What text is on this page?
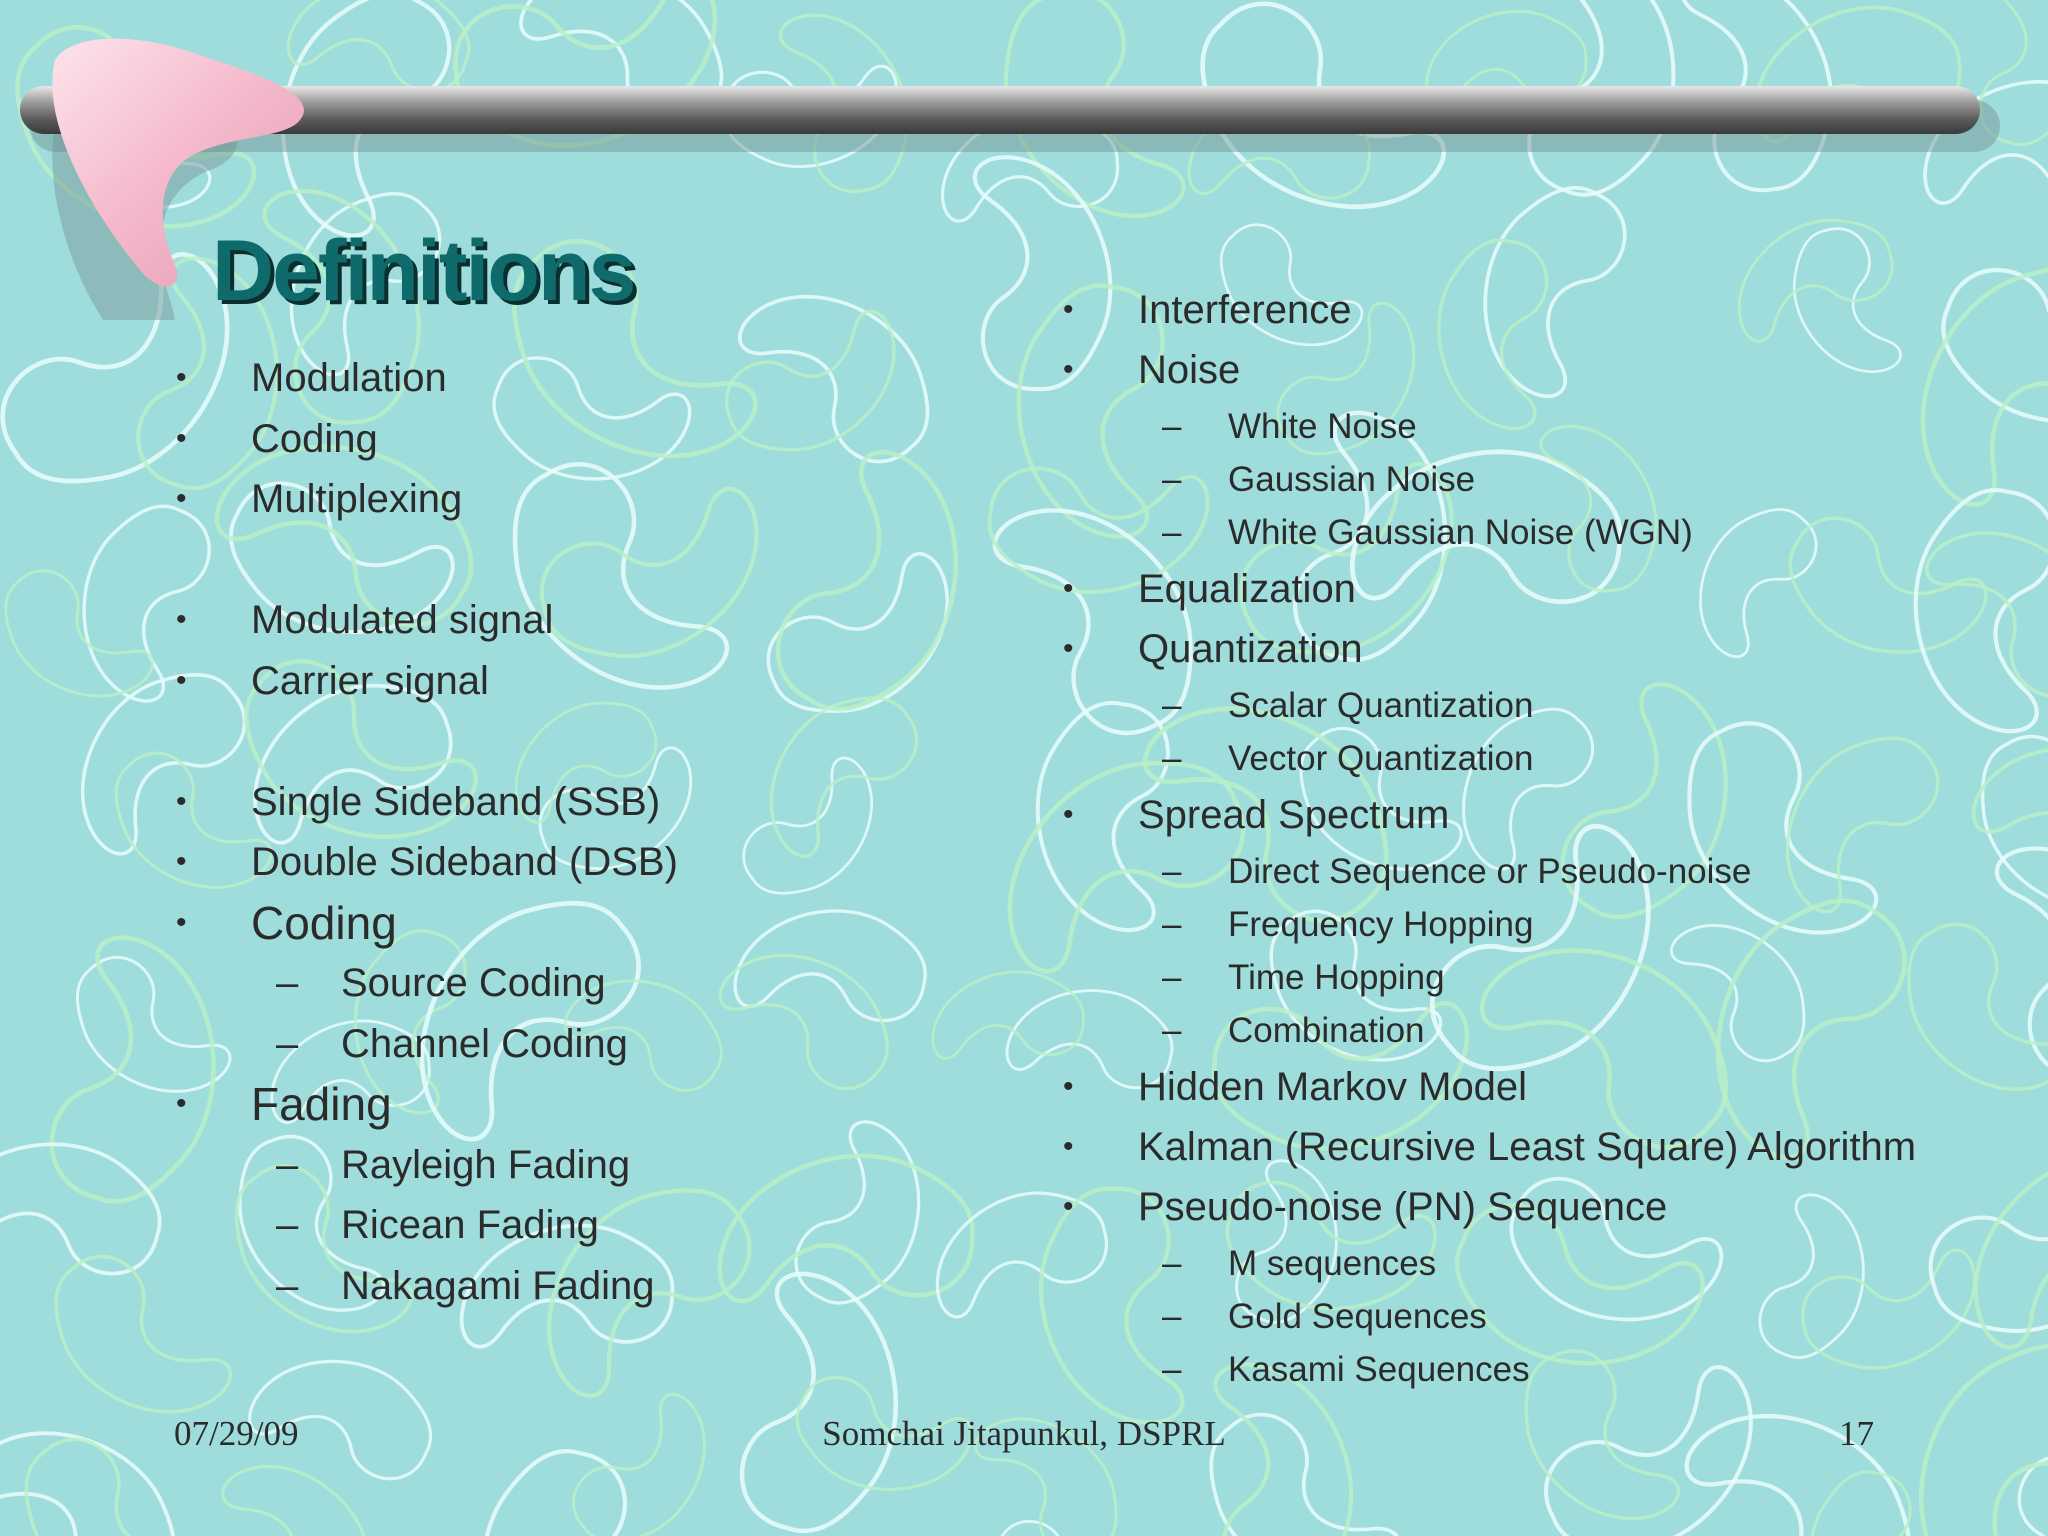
Definitions
• Modulation
• Coding
• Multiplexing
• Modulated signal
• Carrier signal
• Single Sideband (SSB)
• Double Sideband (DSB)
• Coding
– Source Coding
– Channel Coding
• Fading
– Rayleigh Fading
– Ricean Fading
– Nakagami Fading
• Interference
• Noise
– White Noise
– Gaussian Noise
– White Gaussian Noise (WGN)
• Equalization
• Quantization
– Scalar Quantization
– Vector Quantization
• Spread Spectrum
– Direct Sequence or Pseudo-noise
– Frequency Hopping
– Time Hopping
– Combination
• Hidden Markov Model
• Kalman (Recursive Least Square) Algorithm
• Pseudo-noise (PN) Sequence
– M sequences
– Gold Sequences
– Kasami Sequences
07/29/09	Somchai Jitapunkul, DSPRL	17
